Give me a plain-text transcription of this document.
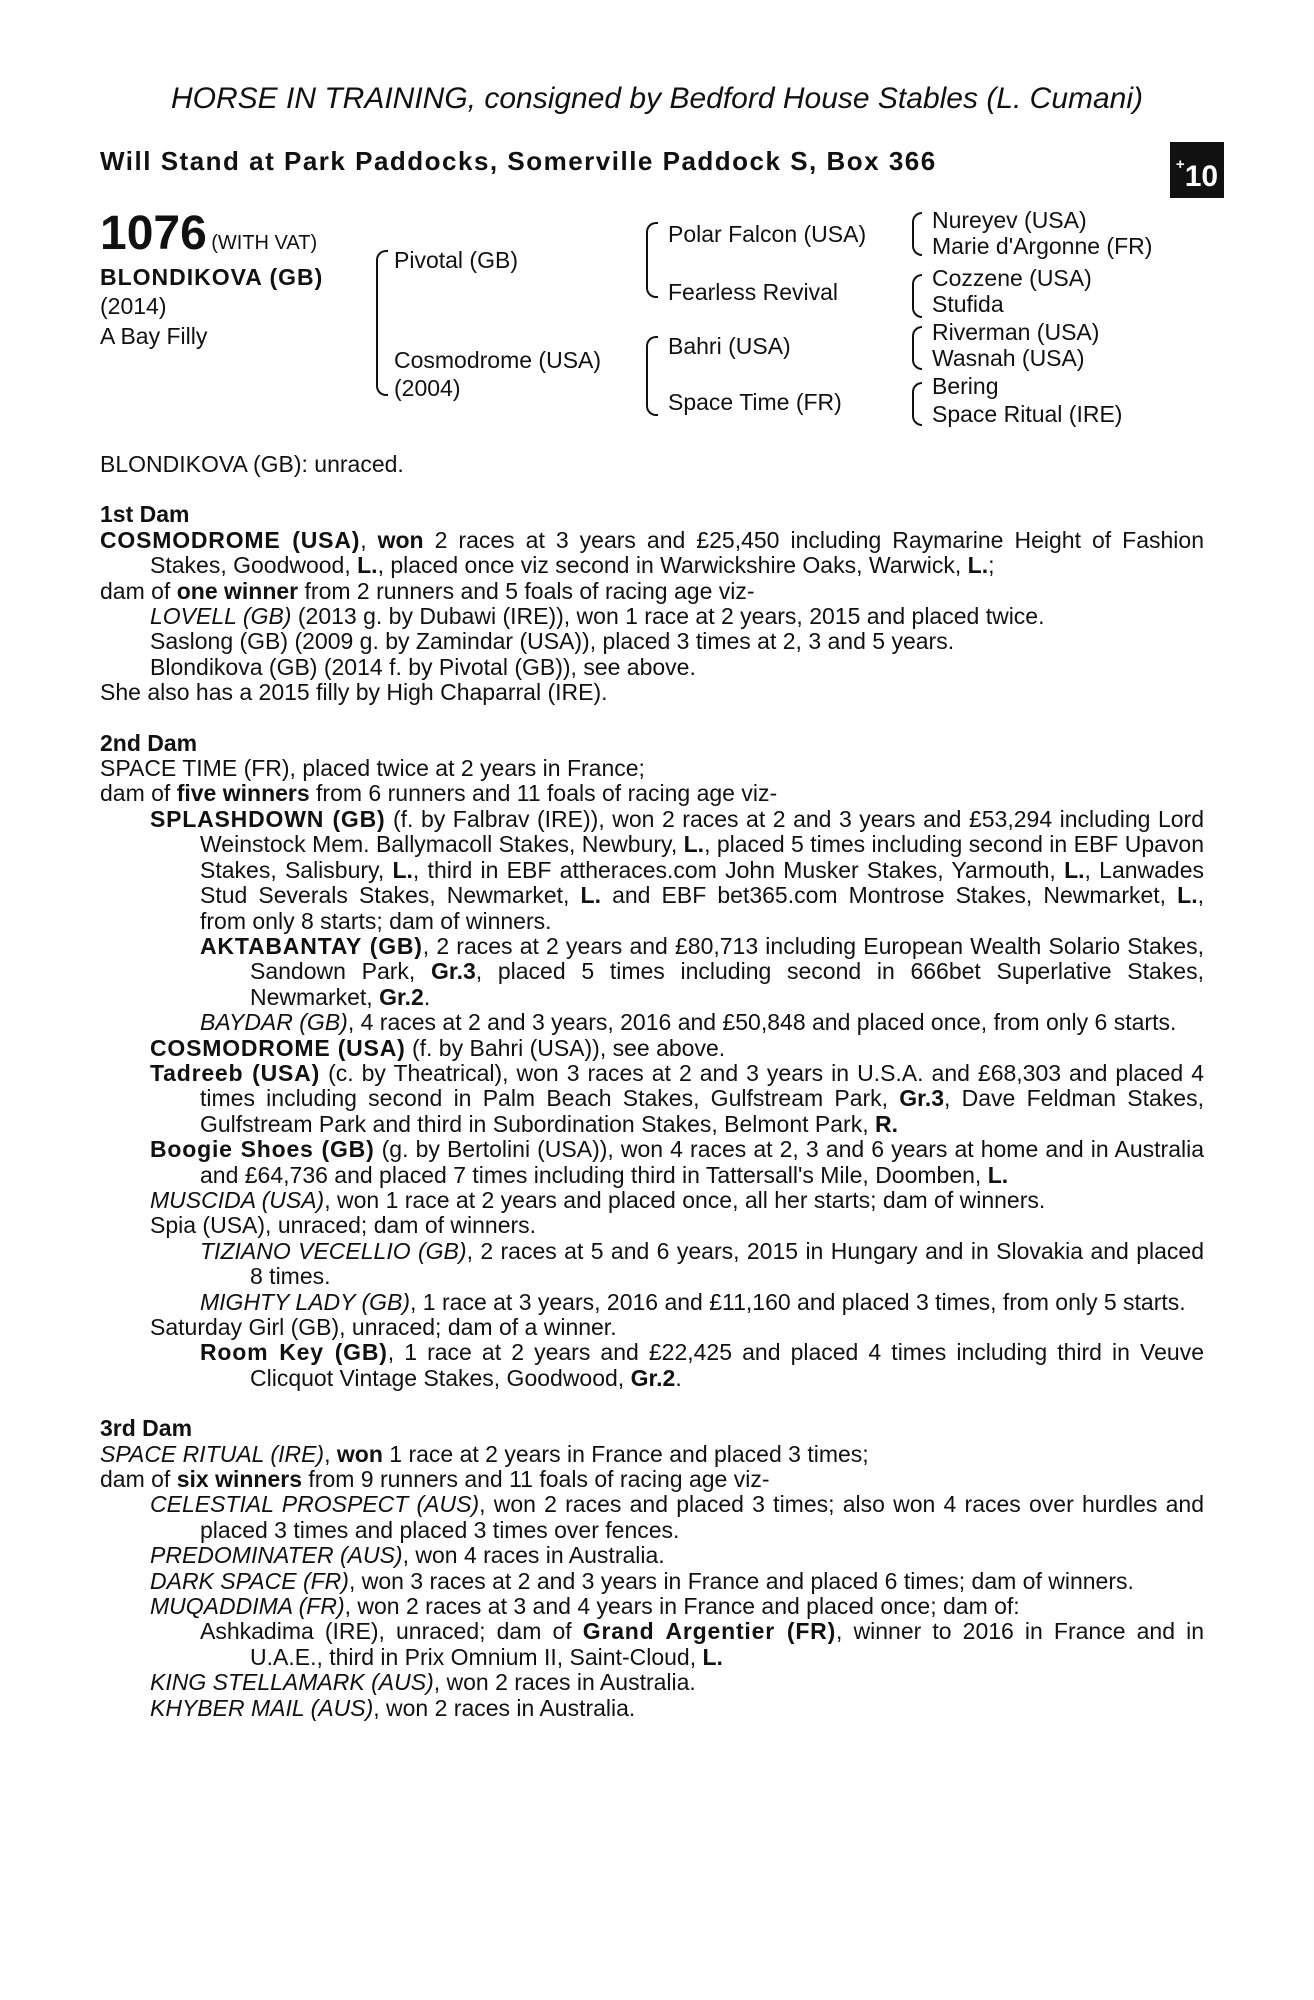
HORSE IN TRAINING, consigned by Bedford House Stables (L. Cumani)
Will Stand at Park Paddocks, Somerville Paddock S, Box 366	+10
1076 (WITH VAT)
BLONDIKOVA (GB)
(2014)
A Bay Filly
Pivotal (GB)
Cosmodrome (USA)
(2004)
Polar Falcon (USA)
Fearless Revival
Bahri (USA)
Space Time (FR)
Nureyev (USA)
Marie d'Argonne (FR)
Cozzene (USA)
Stufida
Riverman (USA)
Wasnah (USA)
Bering
Space Ritual (IRE)

BLONDIKOVA (GB): unraced.

1st Dam

COSMODROME (USA), won 2 races at 3 years and £25,450 including Raymarine Height of Fashion Stakes, Goodwood, L., placed once viz second in Warwickshire Oaks, Warwick, L.;

dam of one winner from 2 runners and 5 foals of racing age viz-

LOVELL (GB) (2013 g. by Dubawi (IRE)), won 1 race at 2 years, 2015 and placed twice.

Saslong (GB) (2009 g. by Zamindar (USA)), placed 3 times at 2, 3 and 5 years.

Blondikova (GB) (2014 f. by Pivotal (GB)), see above.

She also has a 2015 filly by High Chaparral (IRE).

2nd Dam

SPACE TIME (FR), placed twice at 2 years in France;

dam of five winners from 6 runners and 11 foals of racing age viz-

SPLASHDOWN (GB) (f. by Falbrav (IRE)), won 2 races at 2 and 3 years and £53,294 including Lord Weinstock Mem. Ballymacoll Stakes, Newbury, L., placed 5 times including second in EBF Upavon Stakes, Salisbury, L., third in EBF attheraces.com John Musker Stakes, Yarmouth, L., Lanwades Stud Severals Stakes, Newmarket, L. and EBF bet365.com Montrose Stakes, Newmarket, L., from only 8 starts; dam of winners.

AKTABANTAY (GB), 2 races at 2 years and £80,713 including European Wealth Solario Stakes, Sandown Park, Gr.3, placed 5 times including second in 666bet Superlative Stakes, Newmarket, Gr.2.

BAYDAR (GB), 4 races at 2 and 3 years, 2016 and £50,848 and placed once, from only 6 starts.

COSMODROME (USA) (f. by Bahri (USA)), see above.

Tadreeb (USA) (c. by Theatrical), won 3 races at 2 and 3 years in U.S.A. and £68,303 and placed 4 times including second in Palm Beach Stakes, Gulfstream Park, Gr.3, Dave Feldman Stakes, Gulfstream Park and third in Subordination Stakes, Belmont Park, R.

Boogie Shoes (GB) (g. by Bertolini (USA)), won 4 races at 2, 3 and 6 years at home and in Australia and £64,736 and placed 7 times including third in Tattersall's Mile, Doomben, L.

MUSCIDA (USA), won 1 race at 2 years and placed once, all her starts; dam of winners.

Spia (USA), unraced; dam of winners.

TIZIANO VECELLIO (GB), 2 races at 5 and 6 years, 2015 in Hungary and in Slovakia and placed 8 times.

MIGHTY LADY (GB), 1 race at 3 years, 2016 and £11,160 and placed 3 times, from only 5 starts.

Saturday Girl (GB), unraced; dam of a winner.

Room Key (GB), 1 race at 2 years and £22,425 and placed 4 times including third in Veuve Clicquot Vintage Stakes, Goodwood, Gr.2.

3rd Dam

SPACE RITUAL (IRE), won 1 race at 2 years in France and placed 3 times;

dam of six winners from 9 runners and 11 foals of racing age viz-

CELESTIAL PROSPECT (AUS), won 2 races and placed 3 times; also won 4 races over hurdles and placed 3 times and placed 3 times over fences.

PREDOMINATER (AUS), won 4 races in Australia.

DARK SPACE (FR), won 3 races at 2 and 3 years in France and placed 6 times; dam of winners.

MUQADDIMA (FR), won 2 races at 3 and 4 years in France and placed once; dam of:

Ashkadima (IRE), unraced; dam of Grand Argentier (FR), winner to 2016 in France and in U.A.E., third in Prix Omnium II, Saint-Cloud, L.

KING STELLAMARK (AUS), won 2 races in Australia.

KHYBER MAIL (AUS), won 2 races in Australia.
